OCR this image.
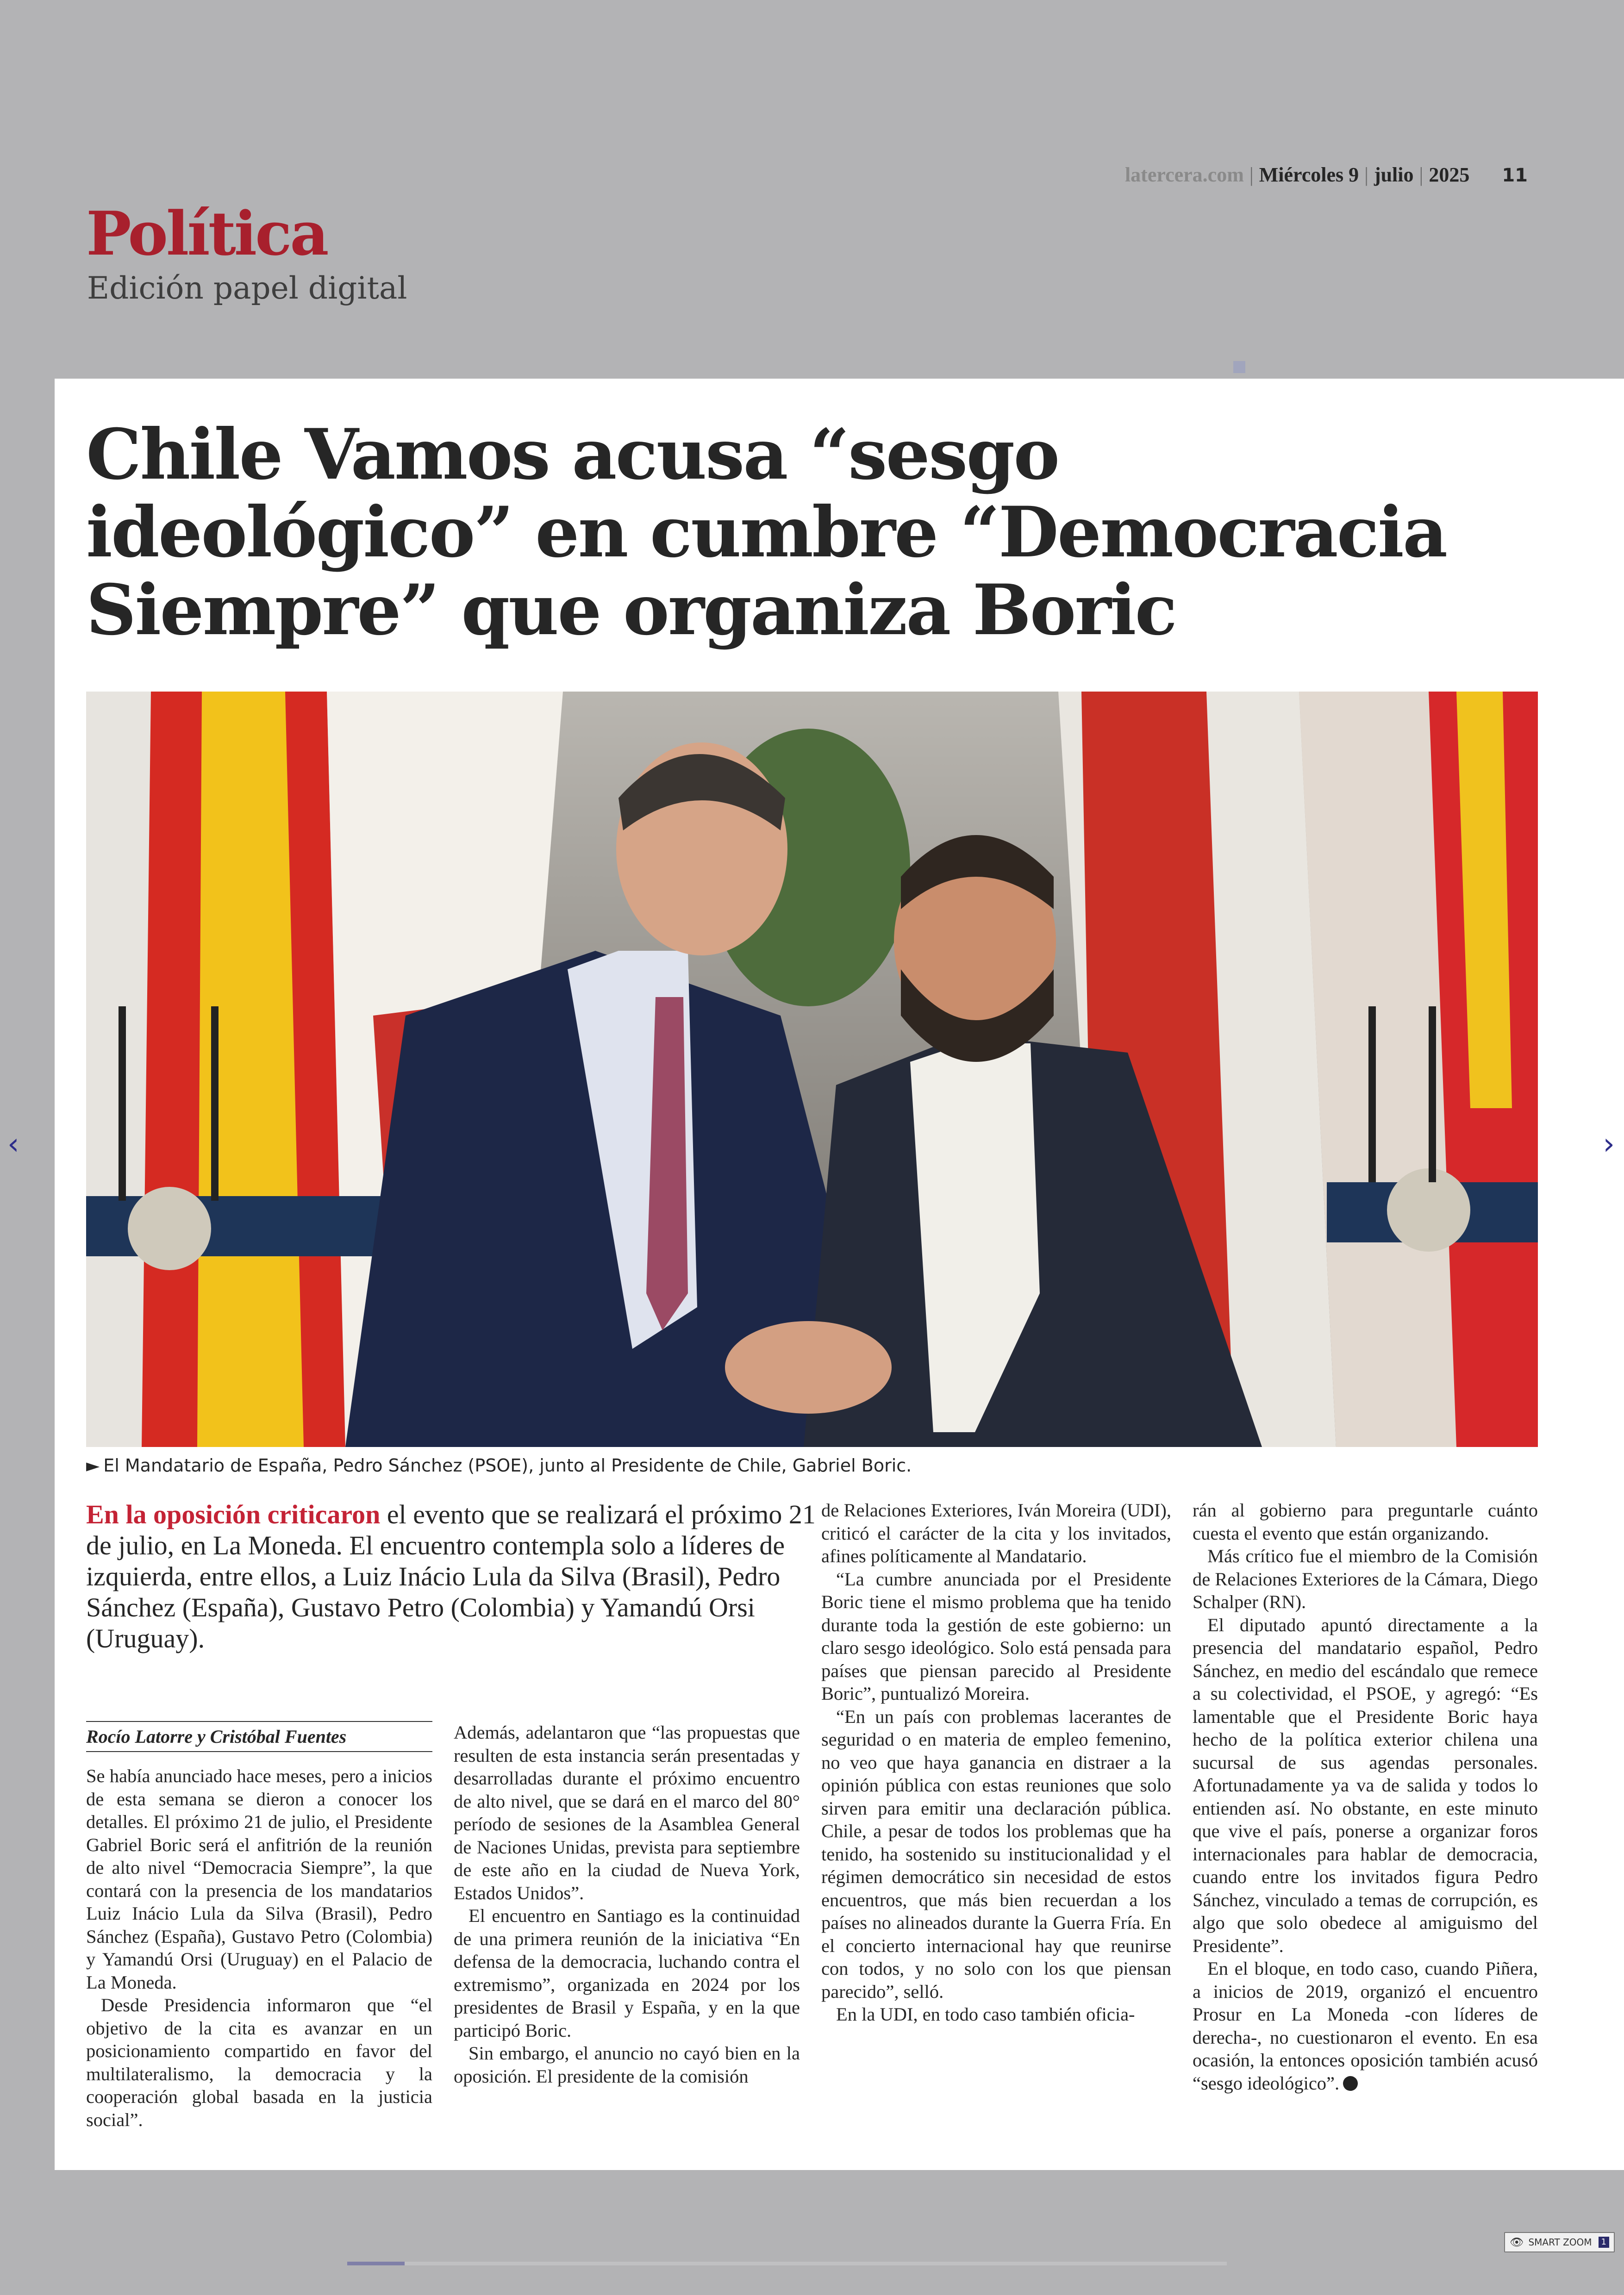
latercera.com | Miércoles 9 | julio | 2025 11
Política
Edición papel digital
Chile Vamos acusa “sesgo ideológico” en cumbre “Democracia Siempre” que organiza Boric
► El Mandatario de España, Pedro Sánchez (PSOE), junto al Presidente de Chile, Gabriel Boric.
En la oposición criticaron el evento que se realizará el próximo 21 de julio, en La Moneda. El encuentro contempla solo a líderes de izquierda, entre ellos, a Luiz Inácio Lula da Silva (Brasil), Pedro Sánchez (España), Gustavo Petro (Colombia) y Yamandú Orsi (Uruguay).
Rocío Latorre y Cristóbal Fuentes

Se había anunciado hace meses, pero a inicios de esta semana se dieron a conocer los detalles. El próximo 21 de julio, el Presidente Gabriel Boric será el anfitrión de la reunión de alto nivel “Democracia Siempre”, la que contará con la presencia de los mandatarios Luiz Inácio Lula da Silva (Brasil), Pedro Sánchez (España), Gustavo Petro (Colombia) y Yamandú Orsi (Uruguay) en el Palacio de La Moneda.

Desde Presidencia informaron que “el objetivo de la cita es avanzar en un posicionamiento compartido en favor del multilateralismo, la democracia y la cooperación global basada en la justicia social”.

Además, adelantaron que “las propuestas que resulten de esta instancia serán presentadas y desarrolladas durante el próximo encuentro de alto nivel, que se dará en el marco del 80° período de sesiones de la Asamblea General de Naciones Unidas, prevista para septiembre de este año en la ciudad de Nueva York, Estados Unidos”.

El encuentro en Santiago es la continuidad de una primera reunión de la iniciativa “En defensa de la democracia, luchando contra el extremismo”, organizada en 2024 por los presidentes de Brasil y España, y en la que participó Boric.

Sin embargo, el anuncio no cayó bien en la oposición. El presidente de la comisión

de Relaciones Exteriores, Iván Moreira (UDI), criticó el carácter de la cita y los invitados, afines políticamente al Mandatario.

“La cumbre anunciada por el Presidente Boric tiene el mismo problema que ha tenido durante toda la gestión de este gobierno: un claro sesgo ideológico. Solo está pensada para países que piensan parecido al Presidente Boric”, puntualizó Moreira.

“En un país con problemas lacerantes de seguridad o en materia de empleo femenino, no veo que haya ganancia en distraer a la opinión pública con estas reuniones que solo sirven para emitir una declaración pública. Chile, a pesar de todos los problemas que ha tenido, ha sostenido su institucionalidad y el régimen democrático sin necesidad de estos encuentros, que más bien recuerdan a los países no alineados durante la Guerra Fría. En el concierto internacional hay que reunirse con todos, y no solo con los que piensan parecido”, selló.

En la UDI, en todo caso también oficia-

rán al gobierno para preguntarle cuánto cuesta el evento que están organizando.

Más crítico fue el miembro de la Comisión de Relaciones Exteriores de la Cámara, Diego Schalper (RN).

El diputado apuntó directamente a la presencia del mandatario español, Pedro Sánchez, en medio del escándalo que remece a su colectividad, el PSOE, y agregó: “Es lamentable que el Presidente Boric haya hecho de la política exterior chilena una sucursal de sus agendas personales. Afortunadamente ya va de salida y todos lo entienden así. No obstante, en este minuto que vive el país, ponerse a organizar foros internacionales para hablar de democracia, cuando entre los invitados figura Pedro Sánchez, vinculado a temas de corrupción, es algo que solo obedece al amiguismo del Presidente”.

En el bloque, en todo caso, cuando Piñera, a inicios de 2019, organizó el encuentro Prosur en La Moneda -con líderes de derecha-, no cuestionaron el evento. En esa ocasión, la entonces oposición también acusó “sesgo ideológico”.

‹	›
👁 SMART ZOOM	1
